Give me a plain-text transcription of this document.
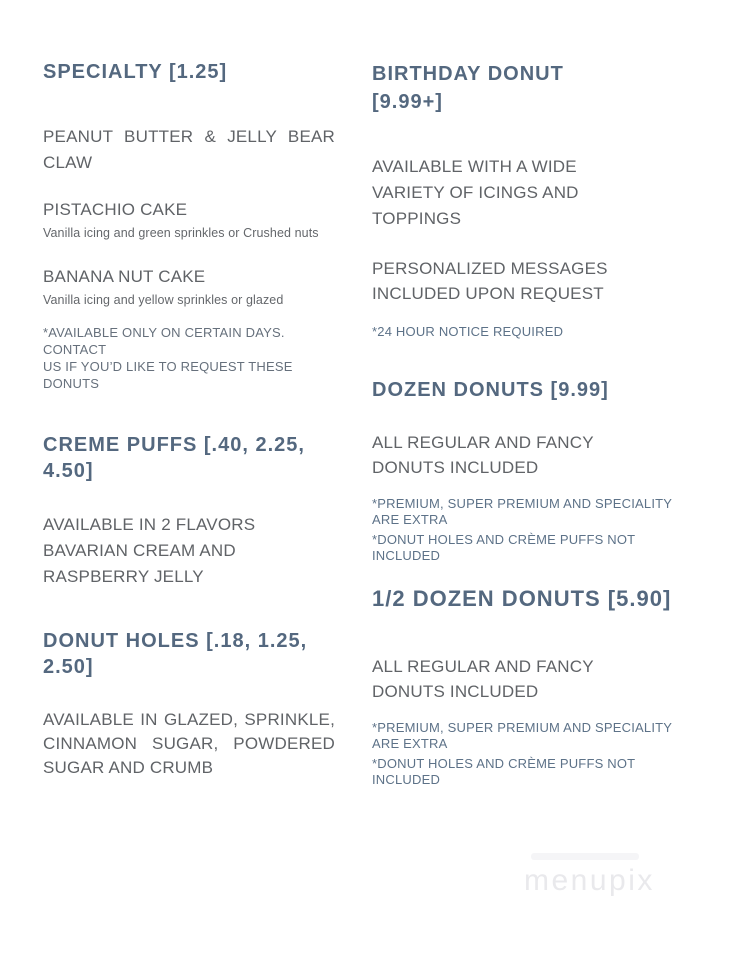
SPECIALTY [1.25]
PEANUT BUTTER & JELLY BEAR CLAW
PISTACHIO CAKE
Vanilla icing and green sprinkles or Crushed nuts
BANANA NUT CAKE
Vanilla icing and yellow sprinkles or glazed
*AVAILABLE ONLY ON CERTAIN DAYS. CONTACT
US IF YOU’D LIKE TO REQUEST THESE DONUTS
CREME PUFFS [.40, 2.25,
4.50]
AVAILABLE IN 2 FLAVORS
BAVARIAN CREAM AND
RASPBERRY JELLY
DONUT HOLES [.18, 1.25,
2.50]
AVAILABLE IN GLAZED, SPRINKLE, CINNAMON SUGAR, POWDERED SUGAR AND CRUMB
BIRTHDAY DONUT
[9.99+]
AVAILABLE WITH A WIDE
VARIETY OF ICINGS AND
TOPPINGS
PERSONALIZED MESSAGES
INCLUDED UPON REQUEST
*24 HOUR NOTICE REQUIRED
DOZEN DONUTS [9.99]
ALL REGULAR AND FANCY
DONUTS INCLUDED
*PREMIUM, SUPER PREMIUM AND SPECIALITY
ARE EXTRA
*DONUT HOLES AND CRÈME PUFFS NOT
INCLUDED
1/2 DOZEN DONUTS [5.90]
ALL REGULAR AND FANCY
DONUTS INCLUDED
*PREMIUM, SUPER PREMIUM AND SPECIALITY
ARE EXTRA
*DONUT HOLES AND CRÈME PUFFS NOT
INCLUDED
menupix
